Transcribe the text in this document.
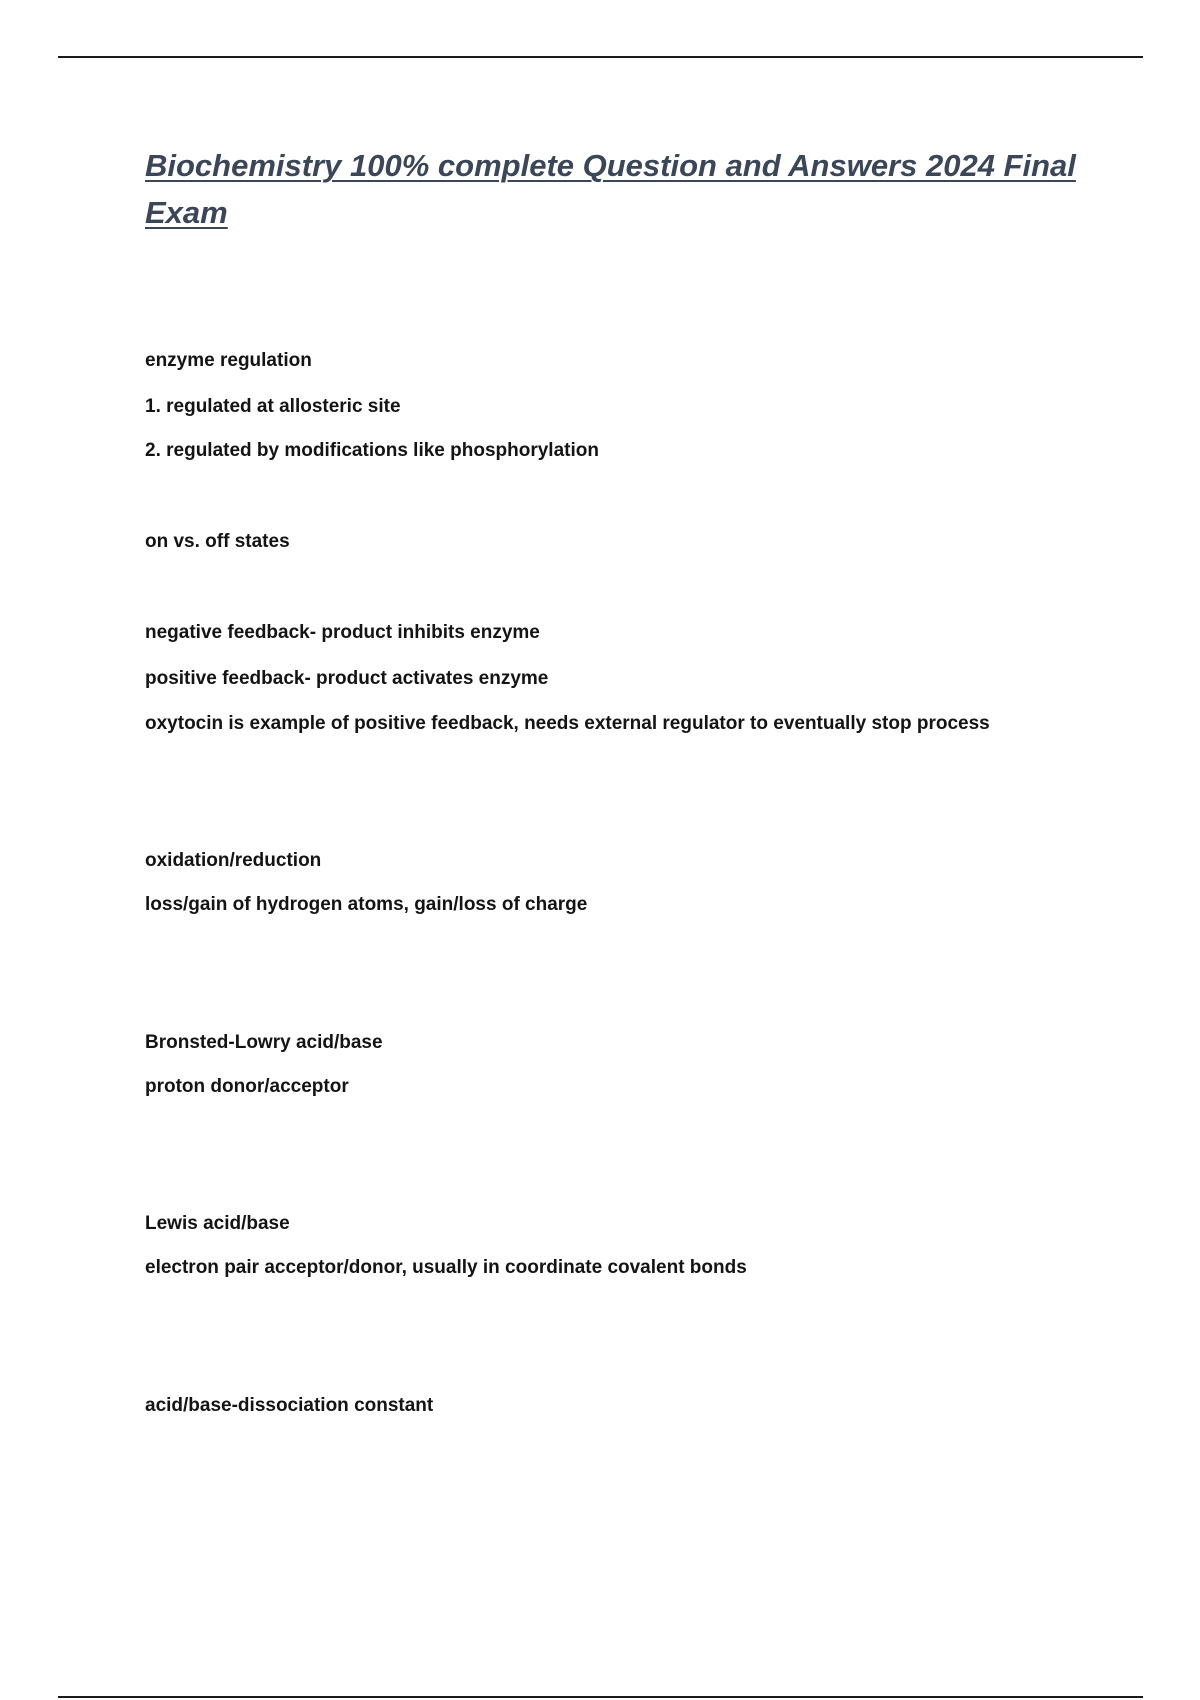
Biochemistry 100% complete Question and Answers 2024 Final Exam

enzyme regulation

1. regulated at allosteric site

2. regulated by modifications like phosphorylation

on vs. off states

negative feedback- product inhibits enzyme

positive feedback- product activates enzyme

oxytocin is example of positive feedback, needs external regulator to eventually stop process

oxidation/reduction

loss/gain of hydrogen atoms, gain/loss of charge

Bronsted-Lowry acid/base

proton donor/acceptor

Lewis acid/base

electron pair acceptor/donor, usually in coordinate covalent bonds

acid/base-dissociation constant
